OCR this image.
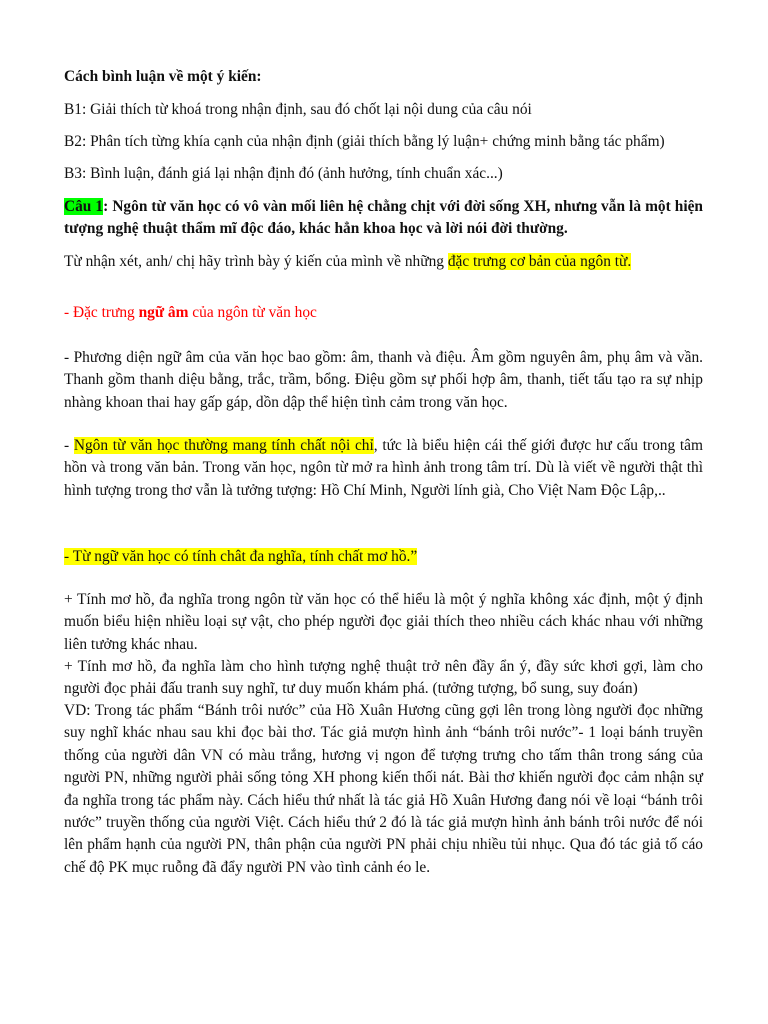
Cách bình luận về một ý kiến:

B1: Giải thích từ khoá trong nhận định, sau đó chốt lại nội dung của câu nói

B2: Phân tích từng khía cạnh của nhận định (giải thích bằng lý luận+ chứng minh bằng tác phẩm)

B3: Bình luận, đánh giá lại nhận định đó (ảnh hưởng, tính chuẩn xác...)

Câu 1: Ngôn từ văn học có vô vàn mối liên hệ chằng chịt với đời sống XH, nhưng vẫn là một hiện tượng nghệ thuật thẩm mĩ độc đáo, khác hẳn khoa học và lời nói đời thường.

Từ nhận xét, anh/ chị hãy trình bày ý kiến của mình về những đặc trưng cơ bản của ngôn từ.

- Đặc trưng ngữ âm của ngôn từ văn học

- Phương diện ngữ âm của văn học bao gồm: âm, thanh và điệu. Âm gồm nguyên âm, phụ âm và vần. Thanh gồm thanh diệu bằng, trắc, trầm, bổng. Điệu gồm sự phối hợp âm, thanh, tiết tấu tạo ra sự nhịp nhàng khoan thai hay gấp gáp, dồn dập thể hiện tình cảm trong văn học.

- Ngôn từ văn học thường mang tính chất nội chỉ, tức là biểu hiện cái thế giới được hư cấu trong tâm hồn và trong văn bản. Trong văn học, ngôn từ mở ra hình ảnh trong tâm trí. Dù là viết về người thật thì hình tượng trong thơ vẫn là tưởng tượng: Hồ Chí Minh, Người lính già, Cho Việt Nam Độc Lập,..

- Từ ngữ văn học có tính chât đa nghĩa, tính chất mơ hồ.”

+ Tính mơ hồ, đa nghĩa trong ngôn từ văn học có thể hiểu là một ý nghĩa không xác định, một ý định muốn biểu hiện nhiều loại sự vật, cho phép người đọc giải thích theo nhiều cách khác nhau với những liên tưởng khác nhau.

+ Tính mơ hồ, đa nghĩa làm cho hình tượng nghệ thuật trở nên đầy ẩn ý, đầy sức khơi gợi, làm cho người đọc phải đấu tranh suy nghĩ, tư duy muốn khám phá. (tưởng tượng, bổ sung, suy đoán)

VD: Trong tác phẩm “Bánh trôi nước” của Hồ Xuân Hương cũng gợi lên trong lòng người đọc những suy nghĩ khác nhau sau khi đọc bài thơ. Tác giả mượn hình ảnh “bánh trôi nước”- 1 loại bánh truyền thống của người dân VN có màu trắng, hương vị ngon để tượng trưng cho tấm thân trong sáng của người PN, những người phải sống tỏng XH phong kiến thối nát. Bài thơ khiến người đọc cảm nhận sự đa nghĩa trong tác phẩm này. Cách hiểu thứ nhất là tác giả Hồ Xuân Hương đang nói về loại “bánh trôi nước” truyền thống của người Việt. Cách hiểu thứ 2 đó là tác giả mượn hình ảnh bánh trôi nước để nói lên phẩm hạnh của người PN, thân phận của người PN phải chịu nhiều tủi nhục. Qua đó tác giả tố cáo chế độ PK mục ruỗng đã đẩy người PN vào tình cảnh éo le.
